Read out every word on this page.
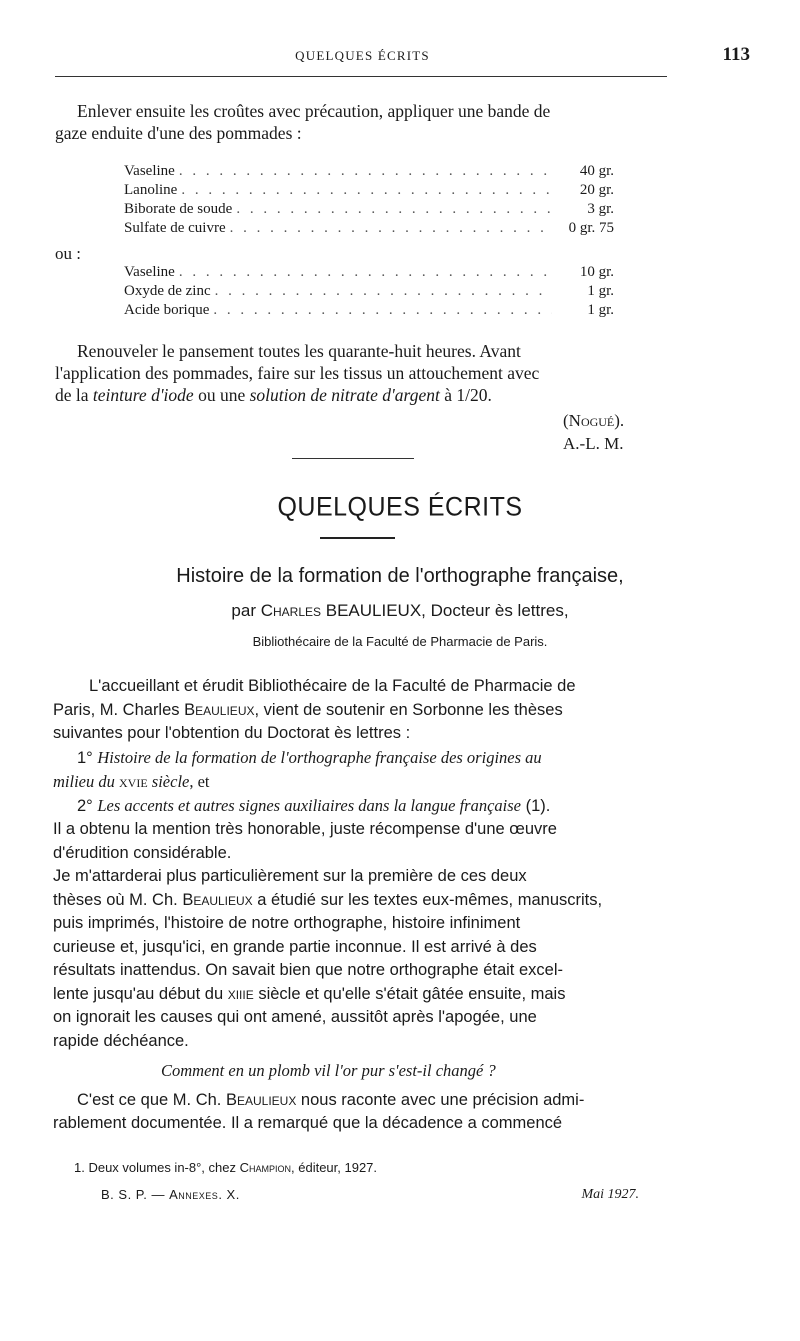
QUELQUES ÉCRITS	113
Enlever ensuite les croûtes avec précaution, appliquer une bande de
gaze enduite d'une des pommades :
Vaseline . . .	40 gr.
Lanoline . . .	20 gr.
Biborate de soude . . .	3 gr.
Sulfate de cuivre . . .	0 gr. 75
ou :
Vaseline . . .	10 gr.
Oxyde de zinc . . .	1 gr.
Acide borique . . .	1 gr.
Renouveler le pansement toutes les quarante-huit heures. Avant
l'application des pommades, faire sur les tissus un attouchement avec
de la teinture d'iode ou une solution de nitrate d'argent à 1/20.
(Nogué).
A.-L. M.
QUELQUES ÉCRITS
Histoire de la formation de l'orthographe française,
par Charles BEAULIEUX, Docteur ès lettres,
Bibliothécaire de la Faculté de Pharmacie de Paris.
L'accueillant et érudit Bibliothécaire de la Faculté de Pharmacie de
Paris, M. Charles Beaulieux, vient de soutenir en Sorbonne les thèses
suivantes pour l'obtention du Doctorat ès lettres :
1° Histoire de la formation de l'orthographe française des origines au
milieu du xvie siècle, et
2° Les accents et autres signes auxiliaires dans la langue française (1).
Il a obtenu la mention très honorable, juste récompense d'une œuvre
d'érudition considérable.
Je m'attarderai plus particulièrement sur la première de ces deux
thèses où M. Ch. Beaulieux a étudié sur les textes eux-mêmes, manuscrits,
puis imprimés, l'histoire de notre orthographe, histoire infiniment
curieuse et, jusqu'ici, en grande partie inconnue. Il est arrivé à des
résultats inattendus. On savait bien que notre orthographe était excel-
lente jusqu'au début du xiiie siècle et qu'elle s'était gâtée ensuite, mais
on ignorait les causes qui ont amené, aussitôt après l'apogée, une
rapide déchéance.
Comment en un plomb vil l'or pur s'est-il changé ?
C'est ce que M. Ch. Beaulieux nous raconte avec une précision admi-
rablement documentée. Il a remarqué que la décadence a commencé
1. Deux volumes in-8°, chez Champion, éditeur, 1927.
B. S. P. — Annexes. X.	Mai 1927.
